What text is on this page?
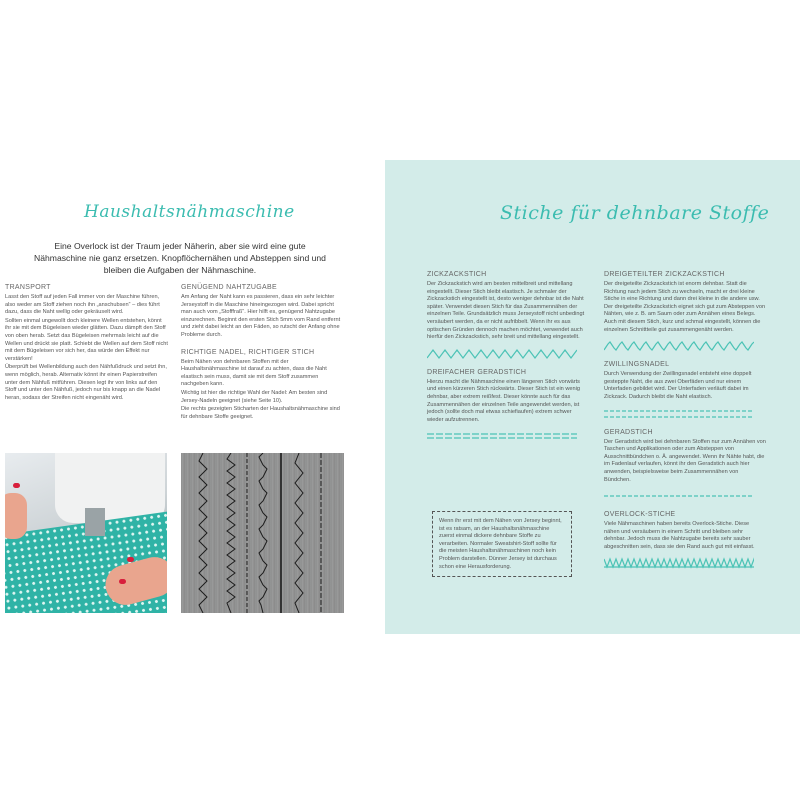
Haushaltsnähmaschine
Eine Overlock ist der Traum jeder Näherin, aber sie wird eine gute Nähmaschine nie ganz ersetzen. Knopflöchernähen und Absteppen sind und bleiben die Aufgaben der Nähmaschine.
TRANSPORT

Lasst den Stoff auf jeden Fall immer von der Maschine führen, also weder am Stoff ziehen noch ihn „anschubsen“ – dies führt dazu, dass die Naht wellig oder gekräuselt wird.

Sollten einmal ungewollt doch kleinere Wellen entstehen, könnt ihr sie mit dem Bügeleisen wieder glätten. Dazu dämpft den Stoff von oben herab. Setzt das Bügeleisen mehrmals leicht auf die Wellen und drückt sie platt. Schiebt die Wellen auf dem Stoff nicht mit dem Bügeleisen vor sich her, das würde den Effekt nur verstärken!

Überprüft bei Wellenbildung auch den Nähfußdruck und setzt ihn, wenn möglich, herab. Alternativ könnt ihr einen Papierstreifen unter dem Nähfuß mitführen. Diesen legt ihr von links auf den Stoff und unter den Nähfuß, jedoch nur bis knapp an die Nadel heran, sodass der Streifen nicht eingenäht wird.

GENÜGEND NAHTZUGABE

Am Anfang der Naht kann es passieren, dass ein sehr leichter Jerseystoff in die Maschine hineingezogen wird. Dabei spricht man auch vom „Stofffraß“. Hier hilft es, genügend Nahtzugabe einzurechnen. Beginnt den ersten Stich 5mm vom Rand entfernt und zieht dabei leicht an den Fäden, so rutscht der Anfang ohne Probleme durch.

RICHTIGE NADEL, RICHTIGER STICH

Beim Nähen von dehnbaren Stoffen mit der Haushaltsnähmaschine ist darauf zu achten, dass die Naht elastisch sein muss, damit sie mit dem Stoff zusammen nachgeben kann.

Wichtig ist hier die richtige Wahl der Nadel: Am besten sind Jersey-Nadeln geeignet (siehe Seite 10).

Die rechts gezeigten Sticharten der Haushaltsnähmaschine sind für dehnbare Stoffe geeignet.

Stiche für dehnbare Stoffe
ZICKZACKSTICH

Der Zickzackstich wird am besten mittelbreit und mittellang eingestellt. Dieser Stich bleibt elastisch. Je schmaler der Zickzackstich eingestellt ist, desto weniger dehnbar ist die Naht später. Verwendet diesen Stich für das Zusammennähen der einzelnen Teile. Grundsätzlich muss Jerseystoff nicht unbedingt versäubert werden, da er nicht aufribbelt. Wenn ihr es aus optischen Gründen dennoch machen möchtet, verwendet auch hierfür den Zickzackstich, sehr breit und mittellang eingestellt.

DREIFACHER GERADSTICH

Hierzu macht die Nähmaschine einen längeren Stich vorwärts und einen kürzeren Stich rückwärts. Dieser Stich ist ein wenig dehnbar, aber extrem reißfest. Dieser könnte auch für das Zusammennähen der einzelnen Teile angewendet werden, ist jedoch (sollte doch mal etwas schiefiaufen) extrem schwer wieder aufzutrennen.

DREIGETEILTER ZICKZACKSTICH

Der dreigeteilte Zickzackstich ist enorm dehnbar. Statt die Richtung nach jedem Stich zu wechseln, macht er drei kleine Stiche in eine Richtung und dann drei kleine in die andere usw. Der dreigeteilte Zickzackstich eignet sich gut zum Absteppen von Nähten, wie z. B. am Saum oder zum Annähen eines Belegs. Auch mit diesem Stich, kurz und schmal eingestellt, können die einzelnen Schnittteile gut zusammengenäht werden.

ZWILLINGSNADEL

Durch Verwendung der Zwillingsnadel entsteht eine doppelt gesteppte Naht, die aus zwei Oberfäden und nur einem Unterfaden gebildet wird. Der Unterfaden verläuft dabei im Zickzack. Dadurch bleibt die Naht elastisch.

GERADSTICH

Der Geradstich wird bei dehnbaren Stoffen nur zum Annähen von Taschen und Applikationen oder zum Absteppen von Ausschnittbündchen o. Ä. angewendet. Wenn ihr Nähte habt, die im Fadenlauf verlaufen, könnt ihr den Geradstich auch hier anwenden, beispielsweise beim Zusammennähen von Bündchen.

OVERLOCK-STICHE

Viele Nähmaschinen haben bereits Overlock-Stiche. Diese nähen und versäubern in einem Schritt und bleiben sehr dehnbar. Jedoch muss die Nahtzugabe bereits sehr sauber abgeschnitten sein, dass sie den Rand auch gut mit einfasst.

Wenn ihr erst mit dem Nähen von Jersey beginnt, ist es ratsam, an der Haushaltsnähmaschine zuerst einmal dickere dehnbare Stoffe zu verarbeiten. Normaler Sweatshirt-Stoff sollte für die meisten Haushaltsnähmaschinen noch kein Problem darstellen. Dünner Jersey ist durchaus schon eine Herausforderung.
